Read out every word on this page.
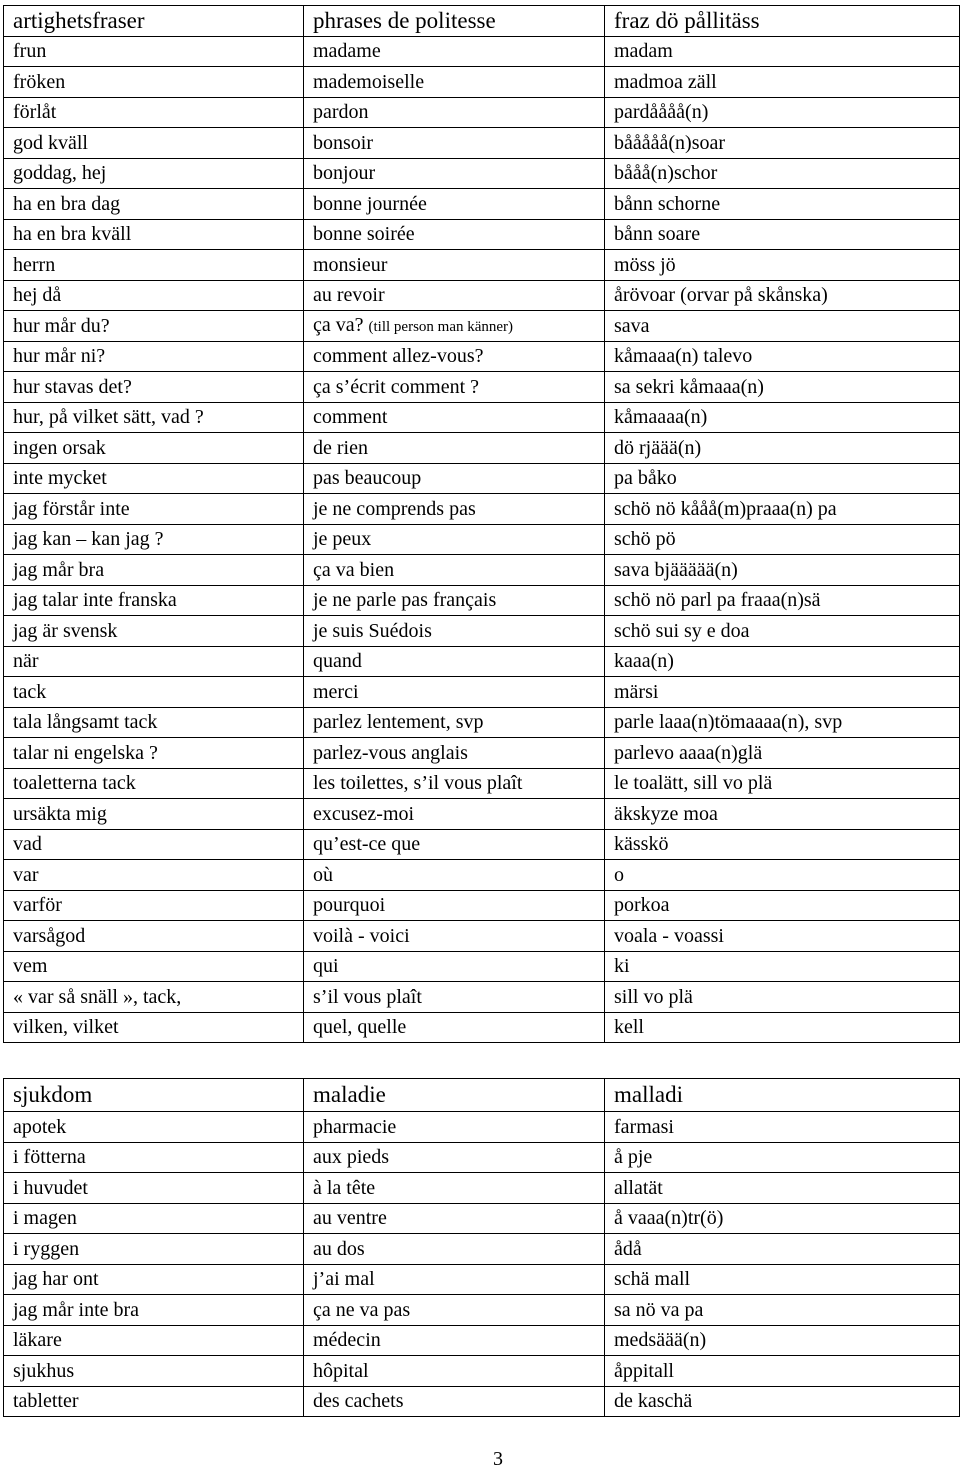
artighetsfraser	phrases de politesse	fraz dö pållitäss
frun	madame	madam
fröken	mademoiselle	madmoa zäll
förlåt	pardon	pardåååå(n)
god kväll	bonsoir	bååååå(n)soar
goddag, hej	bonjour	bååå(n)schor
ha en bra dag	bonne journée	bånn schorne
ha en bra kväll	bonne soirée	bånn soare
herrn	monsieur	möss jö
hej då	au revoir	årövoar (orvar på skånska)
hur mår du?	ça va? (till person man känner)	sava
hur mår ni?	comment allez-vous?	kåmaaa(n) talevo
hur stavas det?	ça s’écrit comment ?	sa sekri kåmaaa(n)
hur, på vilket sätt, vad ?	comment	kåmaaaa(n)
ingen orsak	de rien	dö rjäää(n)
inte mycket	pas beaucoup	pa båko
jag förstår inte	je ne comprends pas	schö nö kååå(m)praaa(n) pa
jag kan – kan jag ?	je peux	schö pö
jag mår bra	ça va bien	sava bjäääää(n)
jag talar inte franska	je ne parle pas français	schö nö parl pa fraaa(n)sä
jag är svensk	je suis Suédois	schö sui sy e doa
när	quand	kaaa(n)
tack	merci	märsi
tala långsamt tack	parlez lentement, svp	parle laaa(n)tömaaaa(n), svp
talar ni engelska ?	parlez-vous anglais	parlevo aaaa(n)glä
toaletterna tack	les toilettes, s’il vous plaît	le toalätt, sill vo plä
ursäkta mig	excusez-moi	äkskyze moa
vad	qu’est-ce que	kässkö
var	où	o
varför	pourquoi	porkoa
varsågod	voilà - voici	voala - voassi
vem	qui	ki
« var så snäll », tack,	s’il vous plaît	sill vo plä
vilken, vilket	quel, quelle	kell
sjukdom	maladie	malladi
apotek	pharmacie	farmasi
i fötterna	aux pieds	å pje
i huvudet	à la tête	allatät
i magen	au ventre	å vaaa(n)tr(ö)
i ryggen	au dos	ådå
jag har ont	j’ai mal	schä mall
jag mår inte bra	ça ne va pas	sa nö va pa
läkare	médecin	medsäää(n)
sjukhus	hôpital	åppitall
tabletter	des cachets	de kaschä
3
